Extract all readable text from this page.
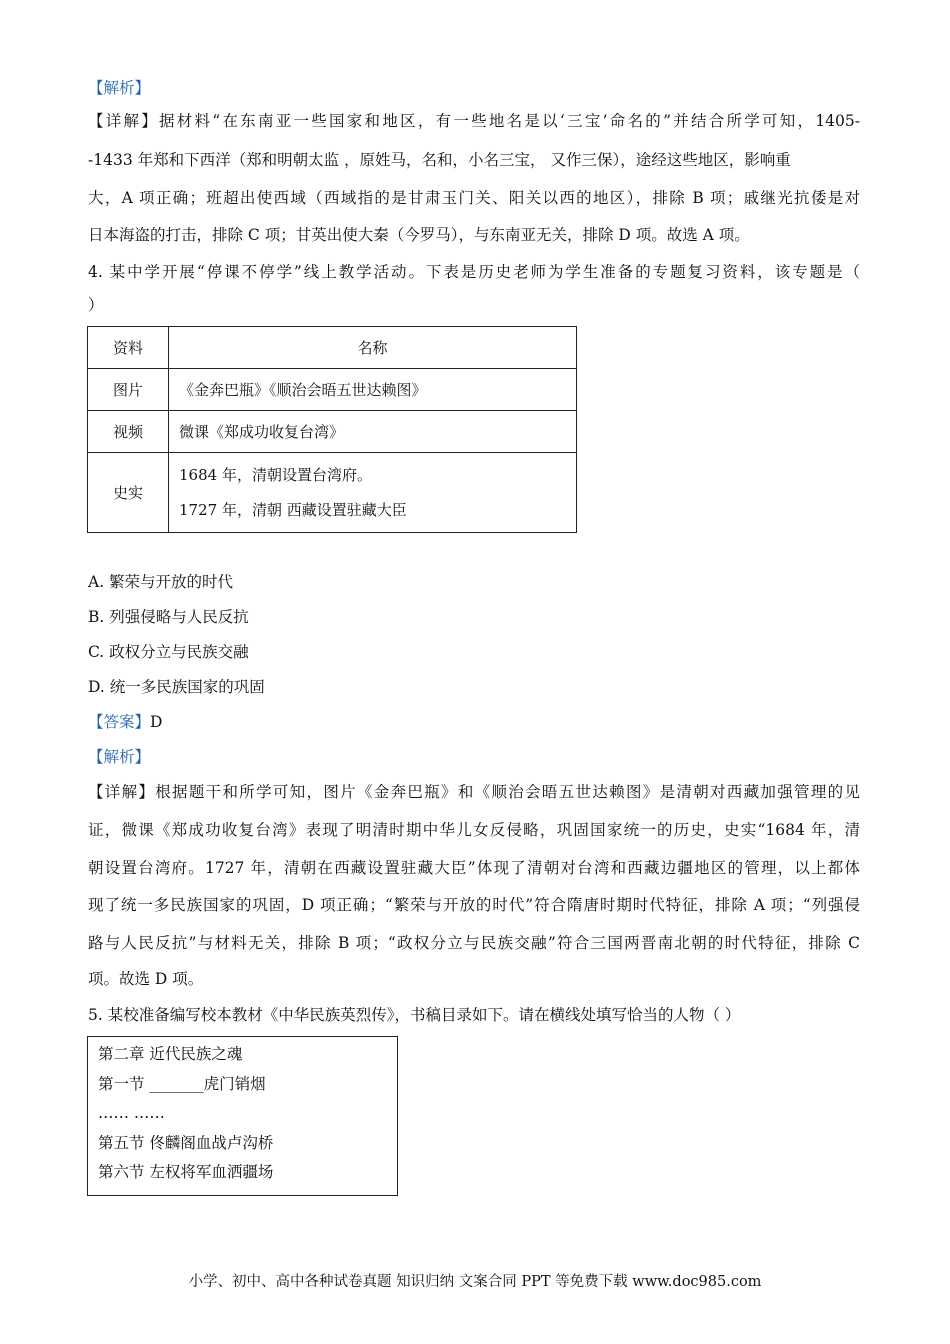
【解析】
【详解】据材料“在东南亚一些国家和地区，有一些地名是以‘三宝’命名的”并结合所学可知，1405-
-1433 年郑和下西洋（郑和明朝太监 ，原姓马，名和，小名三宝， 又作三保），途经这些地区，影响重
大，A 项正确；班超出使西域（西域指的是甘肃玉门关、阳关以西的地区），排除 B 项；戚继光抗倭是对
日本海盗的打击，排除 C 项；甘英出使大秦（今罗马），与东南亚无关，排除 D 项。故选 A 项。
4. 某中学开展“停课不停学”线上教学活动。下表是历史老师为学生准备的专题复习资料，该专题是（
）
资料	名称
图片	《金奔巴瓶》《顺治会晤五世达赖图》
视频	微课《郑成功收复台湾》
史实	1684 年，清朝设置台湾府。
1727 年，清朝 西藏设置驻藏大臣
A. 繁荣与开放的时代
B. 列强侵略与人民反抗
C. 政权分立与民族交融
D. 统一多民族国家的巩固
【答案】D
【解析】
【详解】根据题干和所学可知，图片《金奔巴瓶》和《顺治会晤五世达赖图》是清朝对西藏加强管理的见
证，微课《郑成功收复台湾》表现了明清时期中华儿女反侵略，巩固国家统一的历史，史实“1684 年，清
朝设置台湾府。1727 年，清朝在西藏设置驻藏大臣”体现了清朝对台湾和西藏边疆地区的管理，以上都体
现了统一多民族国家的巩固，D 项正确；“繁荣与开放的时代”符合隋唐时期时代特征，排除 A 项；“列强侵
路与人民反抗”与材料无关，排除 B 项；“政权分立与民族交融”符合三国两晋南北朝的时代特征，排除 C
项。故选 D 项。
5. 某校准备编写校本教材《中华民族英烈传》，书稿目录如下。请在横线处填写恰当的人物（ ）
第二章 近代民族之魂
第一节 _______虎门销烟
…… ……
第五节 佟麟阁血战卢沟桥
第六节 左权将军血洒疆场
小学、初中、高中各种试卷真题 知识归纳 文案合同 PPT 等免费下载 www.doc985.com
